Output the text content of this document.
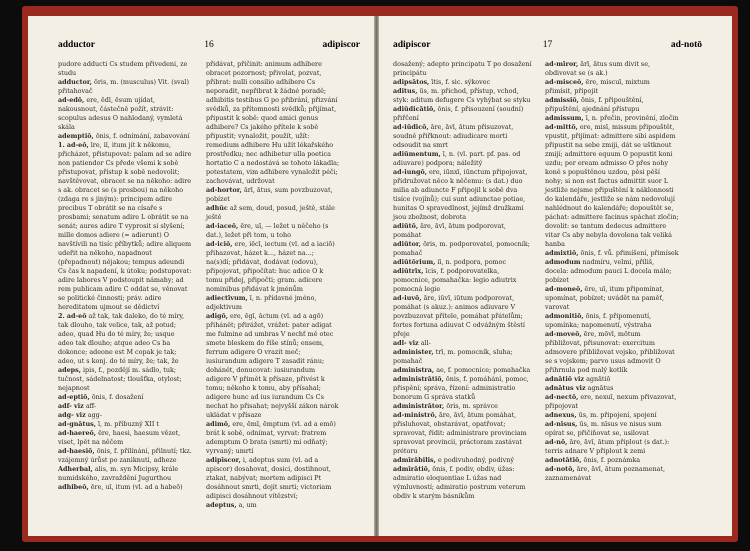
adductor	16	adipiscor

pudore adducti Cs studem přivedeni, ze studu

adductor, ōris, m. (musculus) Vit. (sval) přitahovač

ad-edō, ere, ēdī, ēsum ujídat, nakousnout, částečně požít, strávit: scopulus adesus O nahlodaný, vymletá skála

ademptiō, ōnis, f. odnímání, zabavování

1. ad-eō, īre, iī, itum jít k někomu, přicházet, přistupovat: palam ad se adire non patiendor Cs přede všemi k sobě přistupovat, přístup k sobě nedovolit; navštěvovat, obracet se na někoho: adire s ak. obracet se (s prosbou) na někoho (zdaga re s jiným): principem adire precibus T obrátit se na císaře s prosbami; senatum adire L obrátit se na senát; aures adire T vyprosit si slyšení; mille domos adiere (= adierunt) O navštívili na tisíc příbytků; adire aliquem udeřit na někoho, napadnout (přepadnout) nějakou; tempus adeundi Cs čas k napadení, k útoku; podstupovat: adire labores V podstoupit námahy; ad rem publicam adire C oddat se, věnovat se politické činnosti; práv. adire hereditatem ujmout se dědictví

2. ad-eō až tak, tak daleko, do té míry, tak dlouho, tak velice, tak, až potud; adeo, quad Hu do té míry, že; usque adeo tak dlouho; atque adeo Cs ba dokonce; adeone est M copak je tak; adeo, ut s konj. do té míry, že; tak, že

adeps, ipis, f., pozdějí m. sádlo, tuk; tučnost, sádelnatost; tloušťka, otylost; nejapnost

ad-eptiō, ōnis, f. dosažení

adf- viz aff-

adg- viz agg-

ad-gnātus, ī, m. příbuzný XII t

ad-haereō, ēre, haesi, haesum vězet, viset, lpět na něčem

ad-haesiō, ōnis, f. přilínání, přilnutí; tkz. vzájemný úrůst po zaniknutí, adheze

Adherbal, alis, m. syn Micipsy, krále numidského, zavraždění Jugurthou

adhibeō, ēre, uī, itum (vl. ad a habeō)

přidávat, přičinit: animum adhibere obracet pozornost; přivolat, pozvat, přibrat: nulli consilio adhibere Cs neporadit, nepřibrat k žádné poradě; adhibitis testibus G po přibrání, přizvání svědků, za přítomnosti svědků; přijímat, připustit k sobě: quod amici genus adhibere? Cs jakého přítele k sobě připustit; vynaložit, použít, užít: remedium adhibere Hu užít lékařského prostředku; nec adhibetur ulla poetica hortatio C a nedostává se tohoto lákadla; potestatem, vim adhibere vynaložit péči; zachovávat, udržovat

ad-hortor, ārī, ātus, sum povzbuzovat, pobízet

adhūc až sem, doud, posud, ještě, stále ještě

ad-iaceō, ēre, uī, — ležet u něčeho (s dat.), ležet při tom, u toho

ad-iciō, ere, iēcī, iectum (vl. ad a iaciō) přihazovat, házet k..., házet na...; na(s)dí; přidávat, dodávat (odovu), připojovat, připočítat: huc adice O k tomu přidej, připočti; gram. adicere nominibus přidávat k jménům

adiectīvum, ī, n. přídavné jméno, adjektivum

adigō, ere, ēgī, āctum (vl. ad a agō) přihánět; přirážet, vrážet: pater adigat me fulmine ad umbras V nechť mě otec smete bleskem do říše stínů; ensem, ferrum adigere O vrazit meč; iusiurandum adigere T zasadit ránu; dohánět, donucovat: iusiurandum adigere V přimět k přísaze, přivést k tomu; někoho k tomu, aby přísahal; adigere hunc ad ius iurandum Cs Cs nechat ho přisahat; nejvyšší zákon nárok ukládat v přísaze

adimō, ere, ēmī, ēmptum (vl. ad a emō) brát k sobě, odnímat, vyrvat: fratrem ademptum O brata (smrti) mi odňatý; vyrvaný; umrtí

adipīscor, i, adeptus sum (vl. ad a apiscor) dosahovat, dosici, dostihnout, ztakat, nabývat; mortem adipisci Pt dosáhnout smrti, dojít smrti; victoriam adipisci dosáhnout vítězství;

adeptus, a, um

adipiscor	17	ad-notō

dosažený; adepto principatu T po dosažení principátu

adipsātos, ītis, f. sic. sýkovec

aditus, ūs, m. přichod, přístup, vchod, styk: aditum defugere Cs vyhýbat se styku

adiūdicātiō, ōnis, f. přisouzení (soudní) přiřčení

ad-iūdicō, āre, āvī, ātum přisuzovat, soudně přiřknout: adiudicare morti odsoudit na smrt

adiūmentum, ī, n. (vl. part. pf. pas. od adiuvare) podpora; náležitý

ad-iungō, ere, iūnxī, iūnctum připojovat, přidružovat něco k něčemu: (s dat.) duo milia ab adiuncte F připojil k sobě dva tisíce (vojínů); cui sunt adiunctae potiae, hunitas O spravedlnost, jejímž družkami jsou zbožnost, dobrota

adiūtō, āre, āvī, ātum podporovat, pomáhat

adiūtor, ōris, m. podporovatel, pomocník; pomahač

adiūtōrium, iī, n. podpora, pomoc

adiūtrīx, īcis, f. podporovatelka, pomocnice, pomahačka: legio adiutrix pomocná legie

ad-iuvō, āre, iūvī, iūtum podporovat, pomáhat (s akuz.): animos adiuvare V povzbuzovat přítele, pomáhat přátelům; fortes fortuna adiuvat C odvážným štěstí přeje

adl- viz all-

administer, trī, m. pomocník, sluha; pomahač

administra, ae, f. pomocnice; pomahačka

administrātiō, ōnis, f. pomáhání, pomoc, přispění; správa, řízení: administratio bonorum G správa statků

administrātor, ōris, m. správce

ad-ministrō, āre, āvī, ātum pomáhat, přisluhovat, obstarávat, opatřovat; spravovat, řídit: administrare provinciam spravovat provincii, práctoram zastávat prétoru

admīrābilis, e podivuhodný, podivný

admīrātiō, ōnis, f. podiv, obdiv, úžas: admiratio eloquentiae L úžas nad výmluvností; admiratio postrum veterum obdiv k starým básníkům

ad-mīror, ārī, ātus sum divit se, obdivovat se (s ak.)

ad-misceō, ēre, miscuī, mixtum přimísit, připojit

admissiō, ōnis, f. připouštění, připuštění, ajednání přístupu

admissum, ī, n. přečin, provinění, zločin

ad-mittō, ere, misī, missum připouštět, vpustit, přijímat: admittere sibi aspidem připustit na sebe zmiji, dát se uštknout zmijí; admittere equum O popustit koni uzdu; per eream admisso O přes nohy koně s popuštěnou uzdou, pěsi pěší nohy; si non est factus admittit suor L jestliže nejsme připuštění k náklonnosti do kalendáře, jestliže se nám nedovolují nahlédnout do kalendáře; dopouštět se, páchat: admittere facinus spáchat zločin; dovolit: se tantum dedecus admittere vitar Cs aby nebyla dovolena tak veliká hanba

admixtiō, ōnis, f. vů. přimíšení, přimísek

admodum nadmíru, velmi, příliš, docela: admodum pauci L docela málo; pobízet

ad-moneō, ēre, uī, itum připomínat, upomínat, pobízet; uvádět na paměť, varovat

admonitiō, ōnis, f. připomenutí, upomínka; napomenutí, výstraha

ad-moveō, ēre, mōvī, mōtum přibližovat, přisunovat: exercitum admovere přibližovat vojsko, přibližovat se s vojskem; parvo usus admovit O přihrnula pod malý kotlík

adnātiō viz agnātiō

adnātus viz agnātus

ad-nectō, ere, nexuī, nexum přivazovat, připojovat

adnexus, ūs, m. připojení, spojení

ad-nīsus, ūs, m. nīsus ve nisus sum opírat se, přičiňovat se, usilovat

ad-nō, āre, āvī, ātum připlout (s dat.): terris adnare V připlout k zemi

adnotātiō, ōnis, f. poznámka

ad-notō, āre, āvī, ātum poznamenat, zaznamenávat
